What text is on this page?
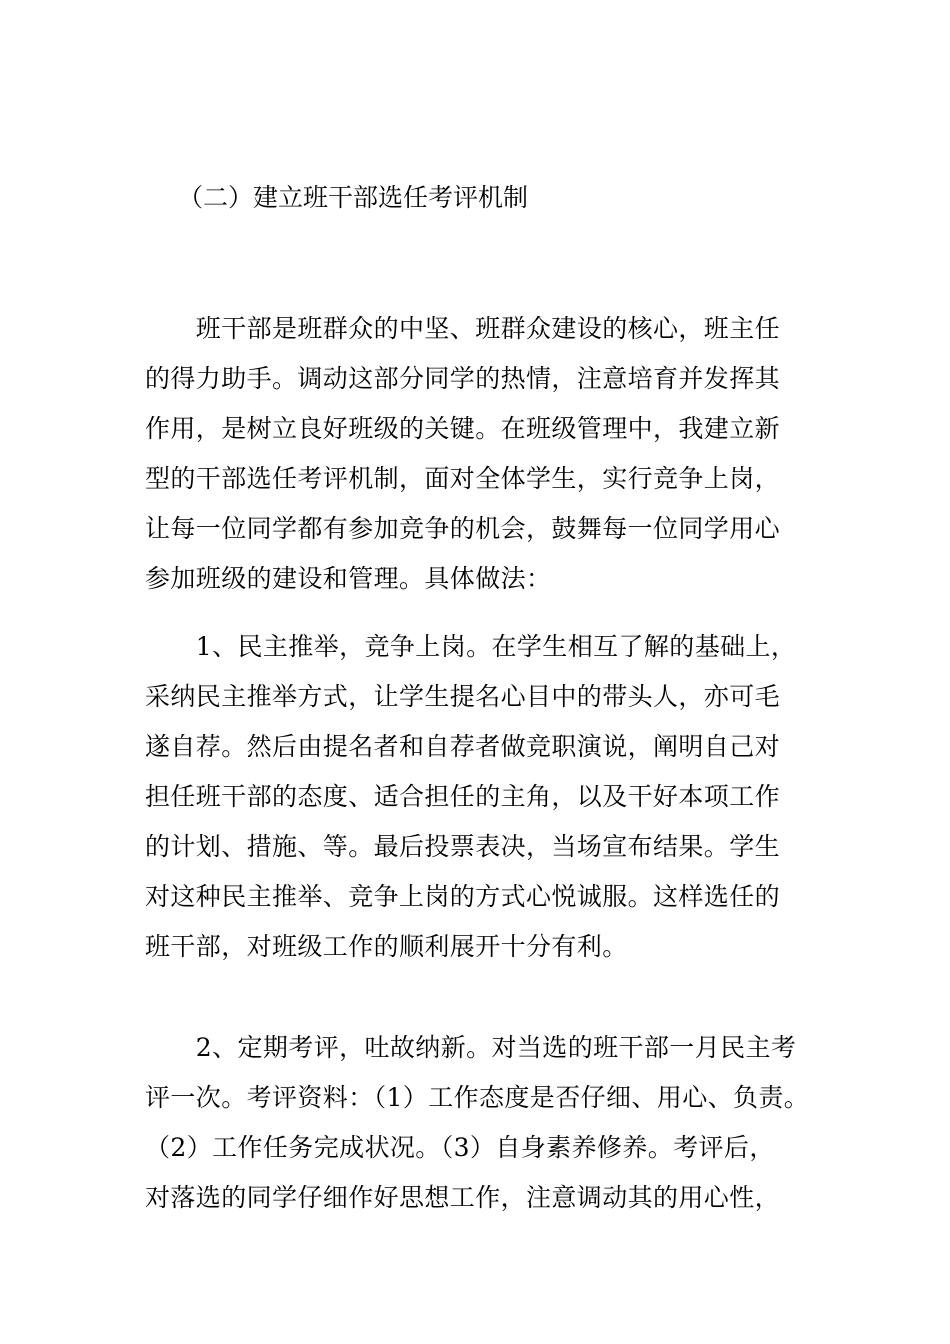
（二）建立班干部选任考评机制
　　班干部是班群众的中坚、班群众建设的核心，班主任
的得力助手。调动这部分同学的热情，注意培育并发挥其
作用，是树立良好班级的关键。在班级管理中，我建立新
型的干部选任考评机制，面对全体学生，实行竞争上岗，
让每一位同学都有参加竞争的机会，鼓舞每一位同学用心
参加班级的建设和管理。具体做法：
　　1、民主推举，竞争上岗。在学生相互了解的基础上，
采纳民主推举方式，让学生提名心目中的带头人，亦可毛
遂自荐。然后由提名者和自荐者做竞职演说，阐明自己对
担任班干部的态度、适合担任的主角，以及干好本项工作
的计划、措施、等。最后投票表决，当场宣布结果。学生
对这种民主推举、竞争上岗的方式心悦诚服。这样选任的
班干部，对班级工作的顺利展开十分有利。
　　2、定期考评，吐故纳新。对当选的班干部一月民主考
评一次。考评资料：（1）工作态度是否仔细、用心、负责。
（2）工作任务完成状况。（3）自身素养修养。考评后，
对落选的同学仔细作好思想工作，注意调动其的用心性，
